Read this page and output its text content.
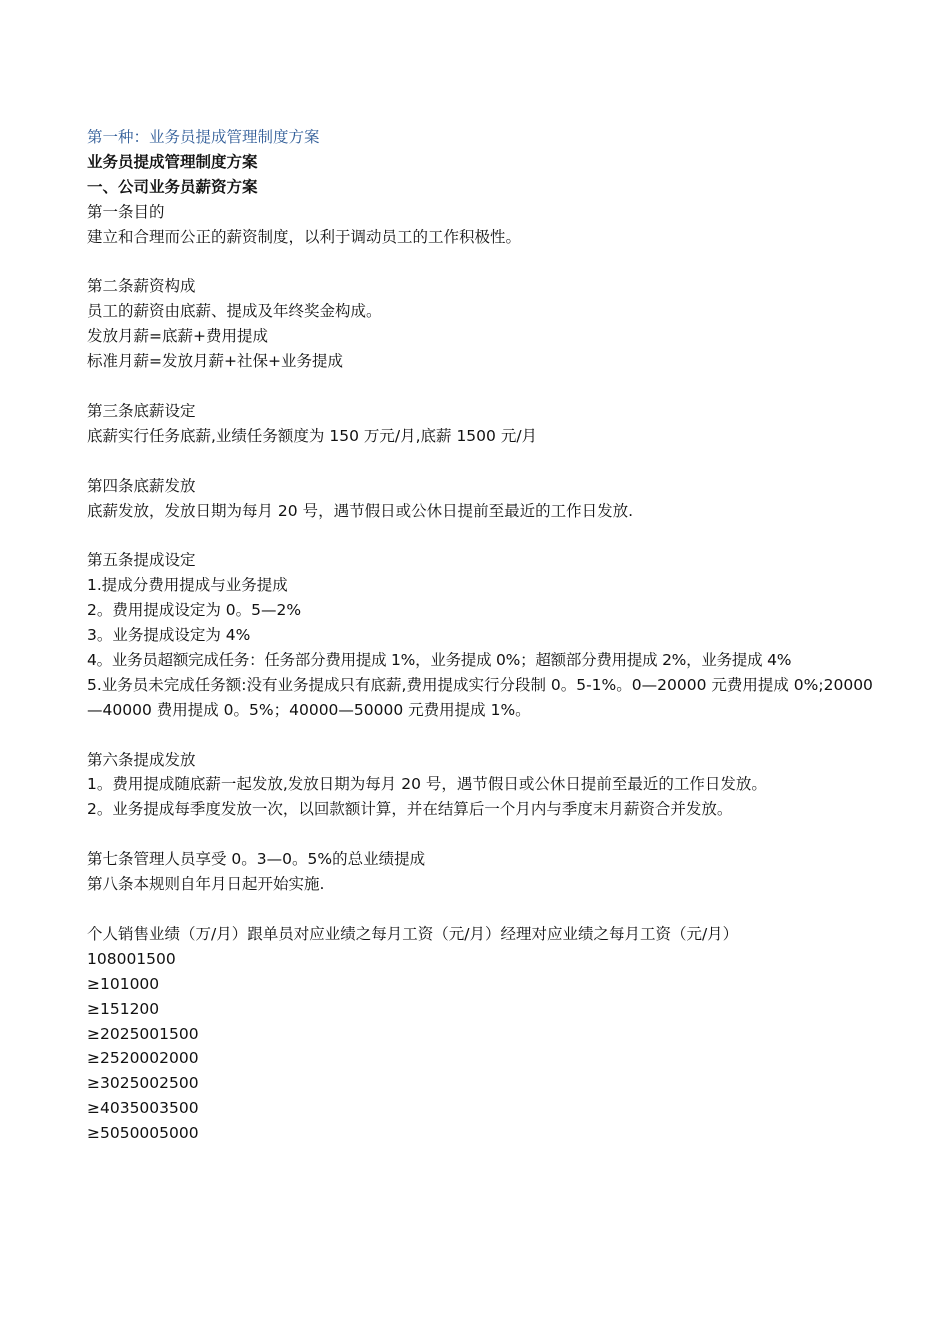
第一种：业务员提成管理制度方案
业务员提成管理制度方案
一、公司业务员薪资方案
第一条目的
建立和合理而公正的薪资制度，以利于调动员工的工作积极性。
第二条薪资构成
员工的薪资由底薪、提成及年终奖金构成。
发放月薪=底薪+费用提成
标准月薪=发放月薪+社保+业务提成
第三条底薪设定
底薪实行任务底薪,业绩任务额度为 150 万元/月,底薪 1500 元/月
第四条底薪发放
底薪发放，发放日期为每月 20 号，遇节假日或公休日提前至最近的工作日发放.
第五条提成设定
1.提成分费用提成与业务提成
2。费用提成设定为 0。5—2%
3。业务提成设定为 4%
4。业务员超额完成任务：任务部分费用提成 1%，业务提成 0%；超额部分费用提成 2%，业务提成 4%
5.业务员未完成任务额:没有业务提成只有底薪,费用提成实行分段制 0。5-1%。0—20000 元费用提成 0%;20000—40000 费用提成 0。5%；40000—50000 元费用提成 1%。
第六条提成发放
1。费用提成随底薪一起发放,发放日期为每月 20 号，遇节假日或公休日提前至最近的工作日发放。
2。业务提成每季度发放一次，以回款额计算，并在结算后一个月内与季度末月薪资合并发放。
第七条管理人员享受 0。3—0。5%的总业绩提成
第八条本规则自年月日起开始实施.
个人销售业绩（万/月）跟单员对应业绩之每月工资（元/月）经理对应业绩之每月工资（元/月）
108001500
≥101000
≥151200
≥2025001500
≥2520002000
≥3025002500
≥4035003500
≥5050005000
